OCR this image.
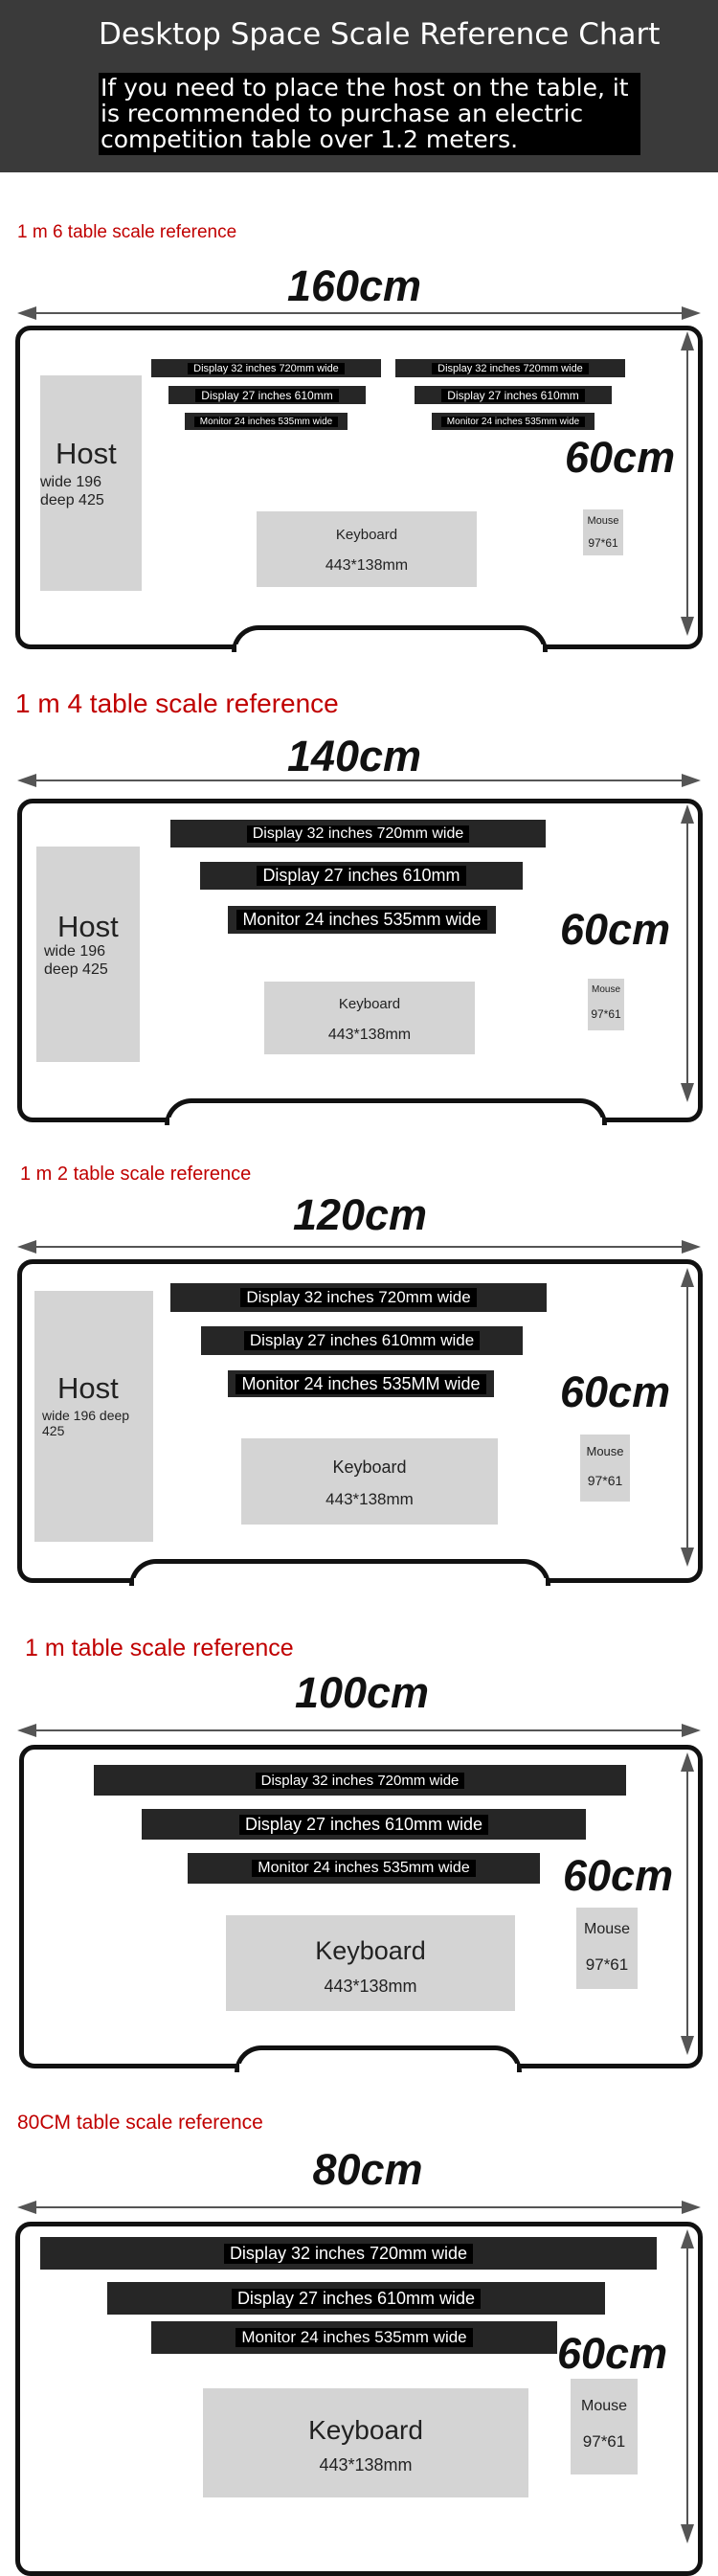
Desktop Space Scale Reference Chart
If you need to place the host on the table, it is recommended to purchase an electric competition table over 1.2 meters.
1 m 6 table scale reference
160cm
60cm
Host
wide 196
deep 425
Display 32 inches 720mm wide
Display 27 inches 610mm
Monitor 24 inches 535mm wide
Display 32 inches 720mm wide
Display 27 inches 610mm
Monitor 24 inches 535mm wide
Keyboard
443*138mm
Mouse
97*61
1 m 4 table scale reference
140cm
60cm
Host
wide 196
deep 425
Display 32 inches 720mm wide
Display 27 inches 610mm
Monitor 24 inches 535mm wide
Keyboard
443*138mm
Mouse
97*61
1 m 2 table scale reference
120cm
60cm
Host
wide 196 deep
425
Display 32 inches 720mm wide
Display 27 inches 610mm wide
Monitor 24 inches 535MM wide
Keyboard
443*138mm
Mouse
97*61
1 m table scale reference
100cm
60cm
Display 32 inches 720mm wide
Display 27 inches 610mm wide
Monitor 24 inches 535mm wide
Keyboard
443*138mm
Mouse
97*61
80CM table scale reference
80cm
60cm
Display 32 inches 720mm wide
Display 27 inches 610mm wide
Monitor 24 inches 535mm wide
Keyboard
443*138mm
Mouse
97*61
